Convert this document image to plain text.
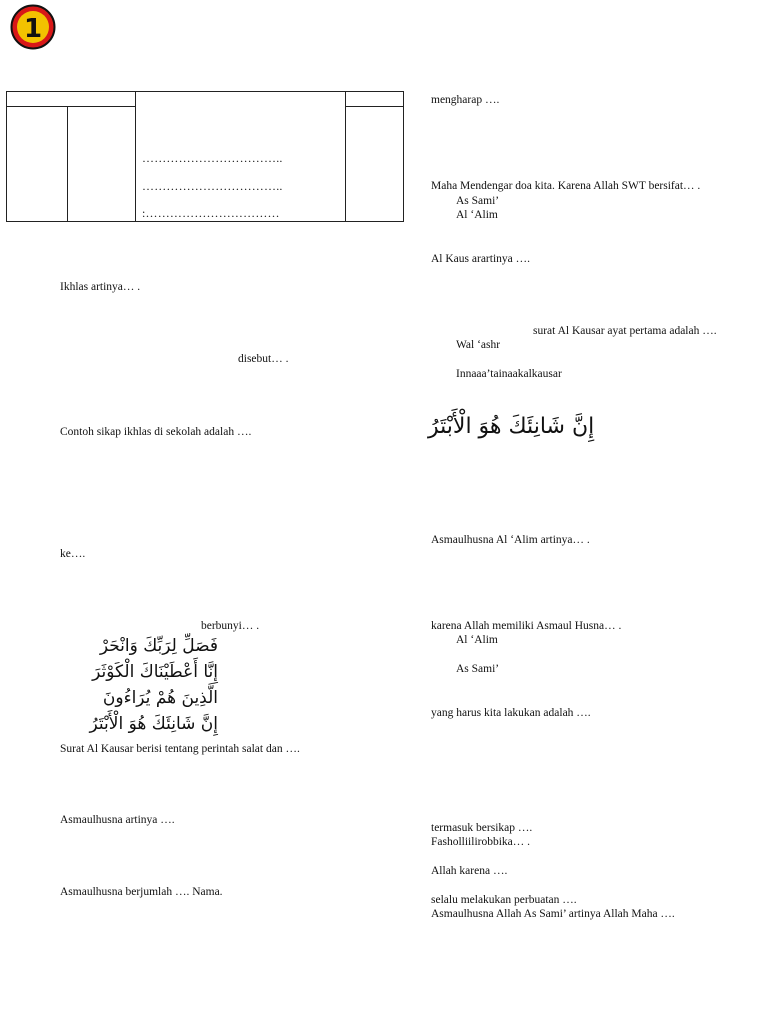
1
……………………………..
……………………………..
:……………………………
Ikhlas artinya… .
disebut… .
Contoh sikap ikhlas di sekolah adalah ….
ke….
berbunyi… .
فَصَلِّ لِرَبِّكَ وَانْحَرْ
إِنَّا أَعْطَيْنَاكَ الْكَوْثَرَ
الَّذِينَ هُمْ يُرَاءُونَ
إِنَّ شَانِئَكَ هُوَ الْأَبْتَرُ
Surat Al Kausar berisi tentang perintah salat dan ….
Asmaulhusna artinya ….
Asmaulhusna berjumlah …. Nama.
mengharap ….
Maha Mendengar doa kita. Karena Allah SWT bersifat… .
As Sami’
Al ‘Alim
Al Kaus arartinya ….
surat Al Kausar ayat pertama adalah ….
Wal ‘ashr
Innaaa’tainaakalkausar
إِنَّ شَانِئَكَ هُوَ الْأَبْتَرُ
Asmaulhusna Al ‘Alim artinya… .
karena Allah memiliki Asmaul Husna… .
Al ‘Alim
As Sami’
yang harus kita lakukan adalah ….
termasuk bersikap ….
Fasholliilirobbika… .
Allah karena ….
selalu melakukan perbuatan ….
Asmaulhusna Allah As Sami’ artinya Allah Maha ….
